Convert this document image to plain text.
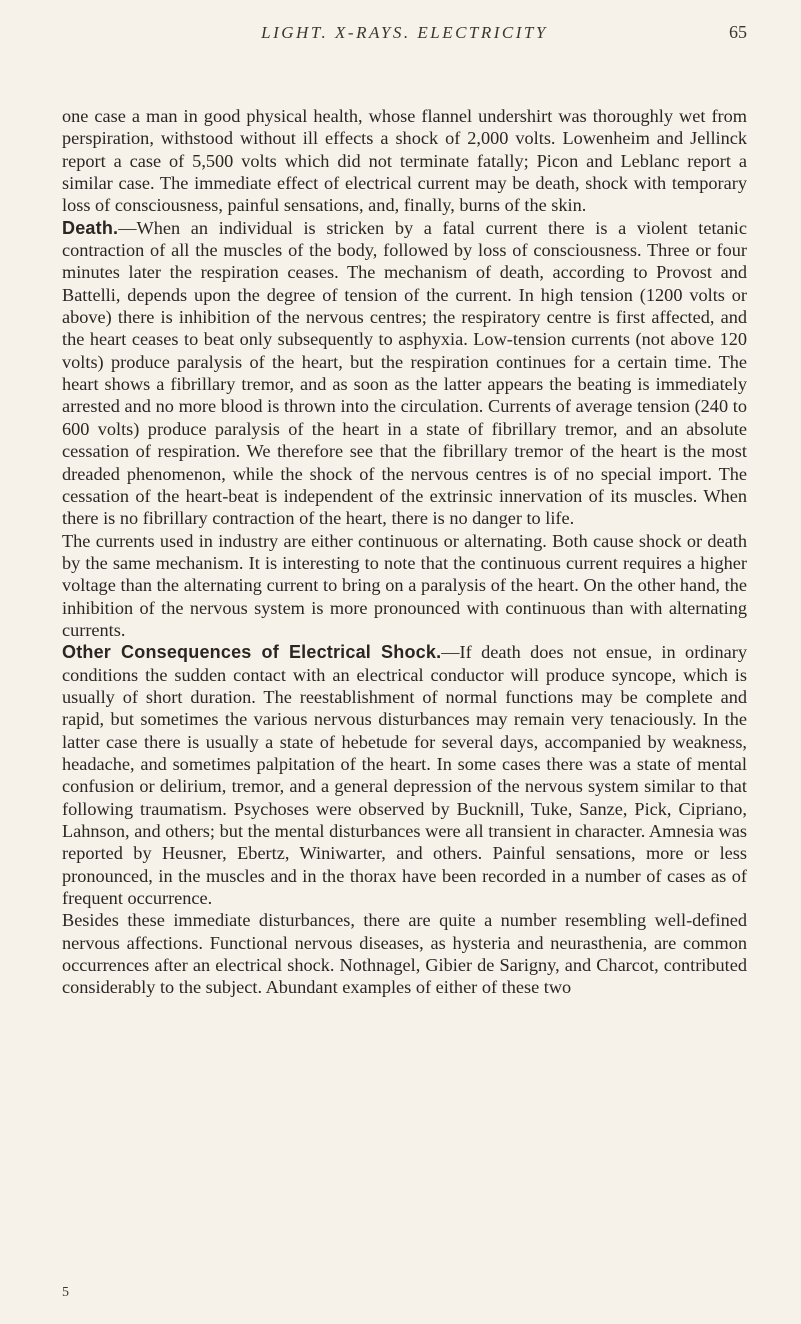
LIGHT. X-RAYS. ELECTRICITY	65

one case a man in good physical health, whose flannel undershirt was thoroughly wet from perspiration, withstood without ill effects a shock of 2,000 volts. Lowenheim and Jellinck report a case of 5,500 volts which did not terminate fatally; Picon and Leblanc report a similar case. The immediate effect of electrical current may be death, shock with temporary loss of consciousness, painful sensations, and, finally, burns of the skin.

Death.—When an individual is stricken by a fatal current there is a violent tetanic contraction of all the muscles of the body, followed by loss of consciousness. Three or four minutes later the respiration ceases. The mechanism of death, according to Provost and Battelli, depends upon the degree of tension of the current. In high tension (1200 volts or above) there is inhibition of the nervous centres; the respiratory centre is first affected, and the heart ceases to beat only subsequently to asphyxia. Low-tension currents (not above 120 volts) produce paralysis of the heart, but the respiration continues for a certain time. The heart shows a fibrillary tremor, and as soon as the latter appears the beating is immediately arrested and no more blood is thrown into the circulation. Currents of average tension (240 to 600 volts) produce paralysis of the heart in a state of fibrillary tremor, and an absolute cessation of respiration. We therefore see that the fibrillary tremor of the heart is the most dreaded phenomenon, while the shock of the nervous centres is of no special import. The cessation of the heart-beat is independent of the extrinsic innervation of its muscles. When there is no fibrillary contraction of the heart, there is no danger to life.

The currents used in industry are either continuous or alternating. Both cause shock or death by the same mechanism. It is interesting to note that the continuous current requires a higher voltage than the alternating current to bring on a paralysis of the heart. On the other hand, the inhibition of the nervous system is more pronounced with continuous than with alternating currents.

Other Consequences of Electrical Shock.—If death does not ensue, in ordinary conditions the sudden contact with an electrical conductor will produce syncope, which is usually of short duration. The reestablishment of normal functions may be complete and rapid, but sometimes the various nervous disturbances may remain very tenaciously. In the latter case there is usually a state of hebetude for several days, accompanied by weakness, headache, and sometimes palpitation of the heart. In some cases there was a state of mental confusion or delirium, tremor, and a general depression of the nervous system similar to that following traumatism. Psychoses were observed by Bucknill, Tuke, Sanze, Pick, Cipriano, Lahnson, and others; but the mental disturbances were all transient in character. Amnesia was reported by Heusner, Ebertz, Winiwarter, and others. Painful sensations, more or less pronounced, in the muscles and in the thorax have been recorded in a number of cases as of frequent occurrence.

Besides these immediate disturbances, there are quite a number resembling well-defined nervous affections. Functional nervous diseases, as hysteria and neurasthenia, are common occurrences after an electrical shock. Nothnagel, Gibier de Sarigny, and Charcot, contributed considerably to the subject. Abundant examples of either of these two

5
